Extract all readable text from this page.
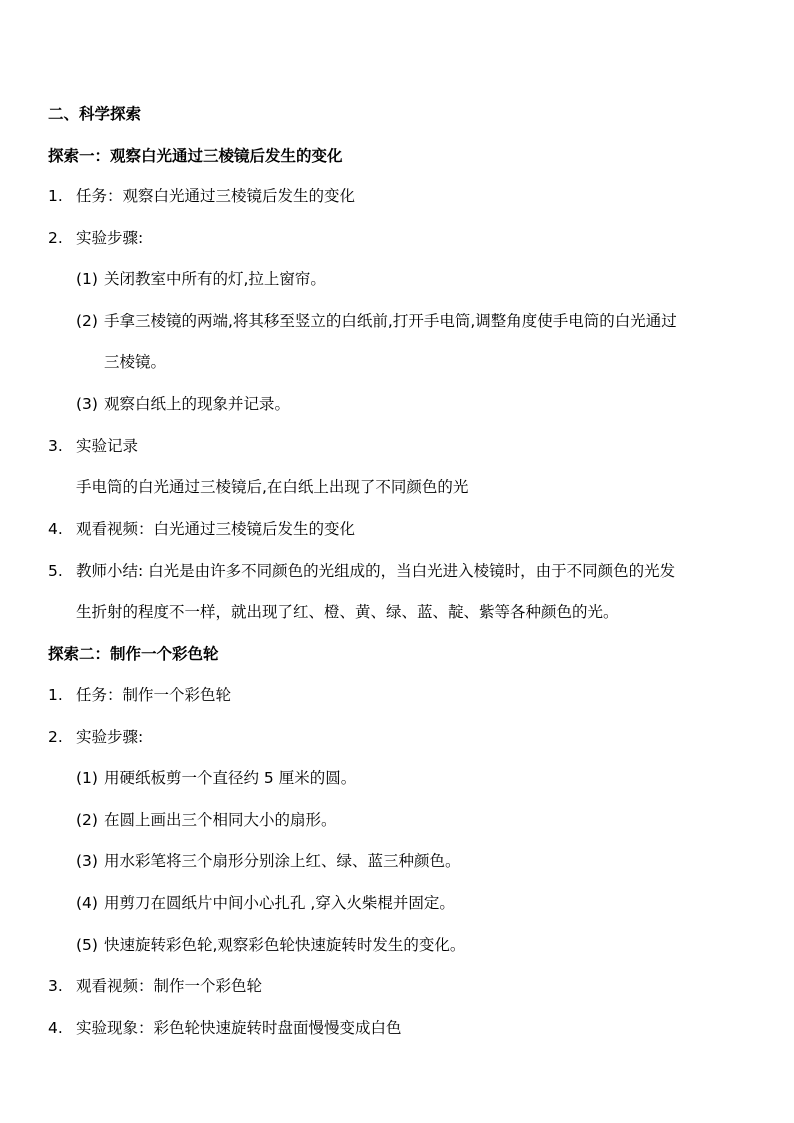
二、科学探索
探索一：观察白光通过三棱镜后发生的变化
1. 任务：观察白光通过三棱镜后发生的变化
2. 实验步骤:
(1) 关闭教室中所有的灯,拉上窗帘。
(2) 手拿三棱镜的两端,将其移至竖立的白纸前,打开手电筒,调整角度使手电筒的白光通过
三棱镜。
(3) 观察白纸上的现象并记录。
3. 实验记录
手电筒的白光通过三棱镜后,在白纸上出现了不同颜色的光
4. 观看视频：白光通过三棱镜后发生的变化
5. 教师小结: 白光是由许多不同颜色的光组成的，当白光进入棱镜时，由于不同颜色的光发
生折射的程度不一样，就出现了红、橙、黄、绿、蓝、靛、紫等各种颜色的光。
探索二：制作一个彩色轮
1. 任务：制作一个彩色轮
2. 实验步骤:
(1) 用硬纸板剪一个直径约 5 厘米的圆。
(2) 在圆上画出三个相同大小的扇形。
(3) 用水彩笔将三个扇形分别涂上红、绿、蓝三种颜色。
(4) 用剪刀在圆纸片中间小心扎孔 ,穿入火柴棍并固定。
(5) 快速旋转彩色轮,观察彩色轮快速旋转时发生的变化。
3. 观看视频：制作一个彩色轮
4. 实验现象：彩色轮快速旋转时盘面慢慢变成白色
